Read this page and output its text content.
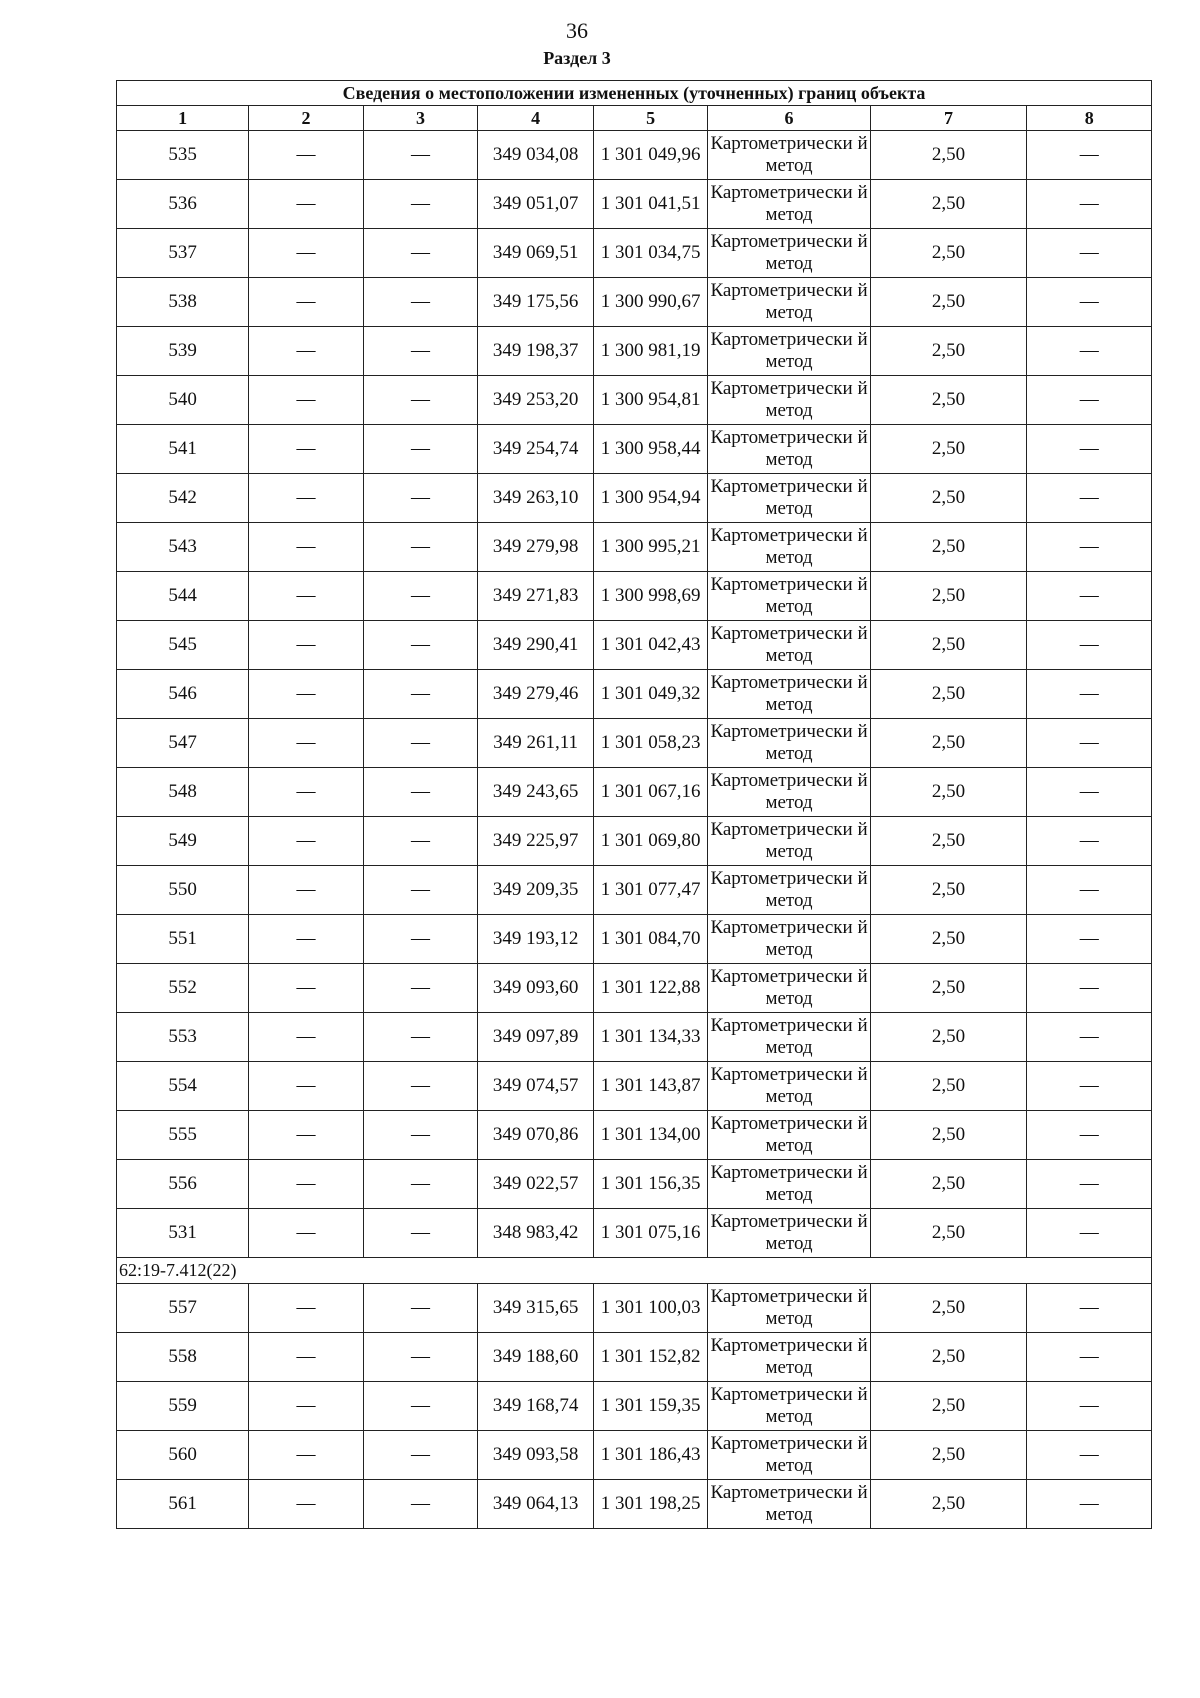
36
Раздел 3
Сведения о местоположении измененных (уточненных) границ объекта							
1	2	3	4	5	6	7	8
535	—	—	349 034,08	1 301 049,96	Картометрически й метод	2,50	—
536	—	—	349 051,07	1 301 041,51	Картометрически й метод	2,50	—
537	—	—	349 069,51	1 301 034,75	Картометрически й метод	2,50	—
538	—	—	349 175,56	1 300 990,67	Картометрически й метод	2,50	—
539	—	—	349 198,37	1 300 981,19	Картометрически й метод	2,50	—
540	—	—	349 253,20	1 300 954,81	Картометрически й метод	2,50	—
541	—	—	349 254,74	1 300 958,44	Картометрически й метод	2,50	—
542	—	—	349 263,10	1 300 954,94	Картометрически й метод	2,50	—
543	—	—	349 279,98	1 300 995,21	Картометрически й метод	2,50	—
544	—	—	349 271,83	1 300 998,69	Картометрически й метод	2,50	—
545	—	—	349 290,41	1 301 042,43	Картометрически й метод	2,50	—
546	—	—	349 279,46	1 301 049,32	Картометрически й метод	2,50	—
547	—	—	349 261,11	1 301 058,23	Картометрически й метод	2,50	—
548	—	—	349 243,65	1 301 067,16	Картометрически й метод	2,50	—
549	—	—	349 225,97	1 301 069,80	Картометрически й метод	2,50	—
550	—	—	349 209,35	1 301 077,47	Картометрически й метод	2,50	—
551	—	—	349 193,12	1 301 084,70	Картометрически й метод	2,50	—
552	—	—	349 093,60	1 301 122,88	Картометрически й метод	2,50	—
553	—	—	349 097,89	1 301 134,33	Картометрически й метод	2,50	—
554	—	—	349 074,57	1 301 143,87	Картометрически й метод	2,50	—
555	—	—	349 070,86	1 301 134,00	Картометрически й метод	2,50	—
556	—	—	349 022,57	1 301 156,35	Картометрически й метод	2,50	—
531	—	—	348 983,42	1 301 075,16	Картометрически й метод	2,50	—
62:19-7.412(22)							
557	—	—	349 315,65	1 301 100,03	Картометрически й метод	2,50	—
558	—	—	349 188,60	1 301 152,82	Картометрически й метод	2,50	—
559	—	—	349 168,74	1 301 159,35	Картометрически й метод	2,50	—
560	—	—	349 093,58	1 301 186,43	Картометрически й метод	2,50	—
561	—	—	349 064,13	1 301 198,25	Картометрически й метод	2,50	—
